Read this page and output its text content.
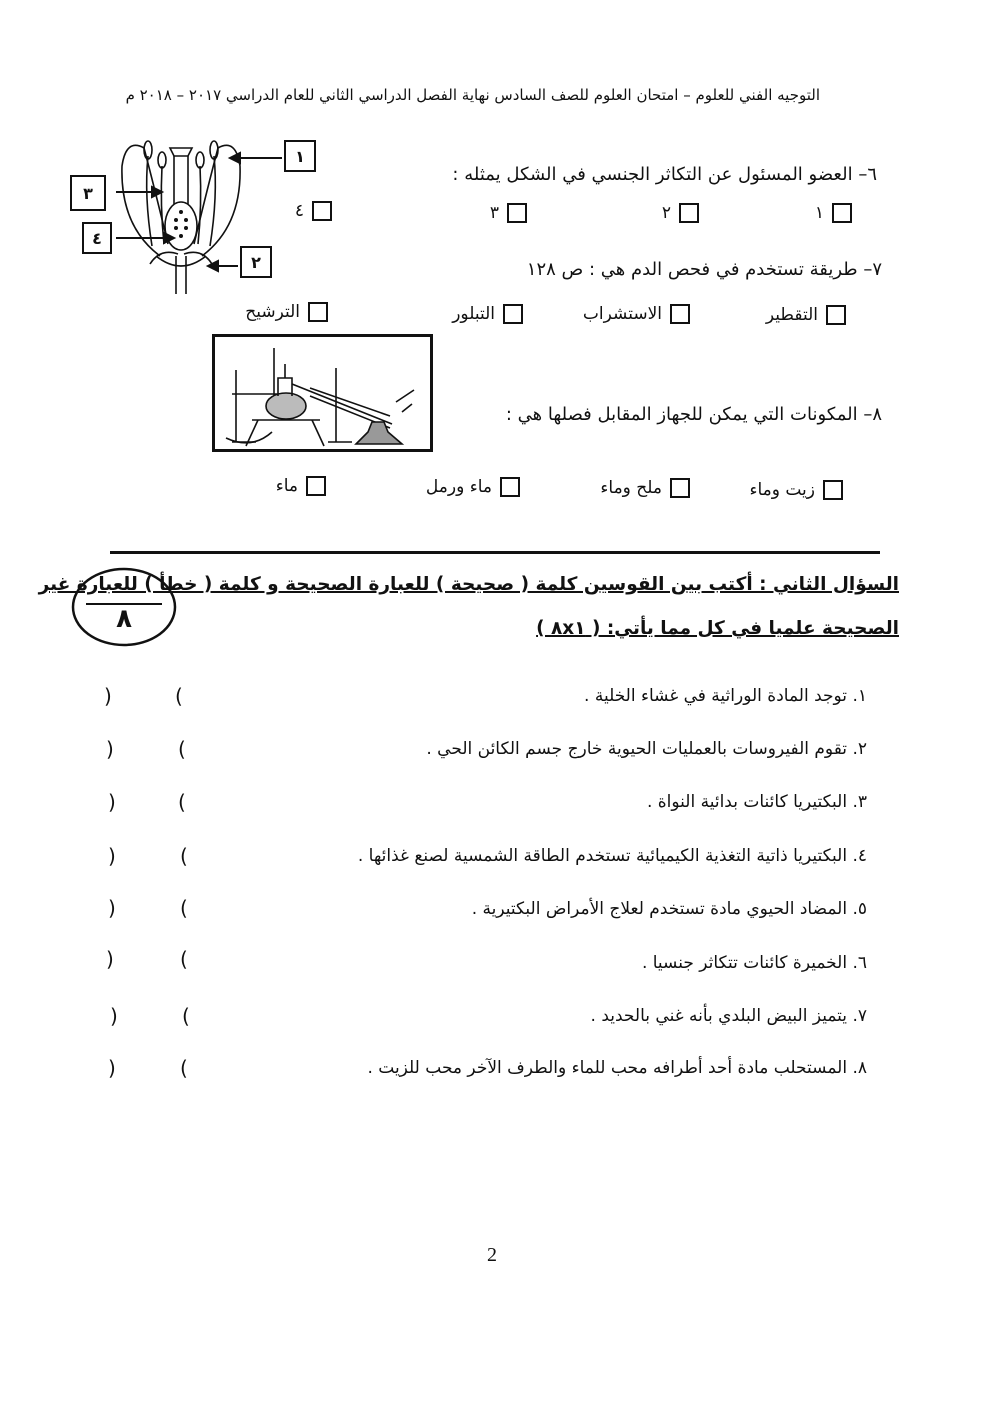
التوجيه الفني للعلوم – امتحان العلوم للصف السادس نهاية الفصل الدراسي الثاني للعام الدراسي ٢٠١٧ – ٢٠١٨ م
١
٢
٣
٤
٦– العضو المسئول عن التكاثر الجنسي في الشكل يمثله :
١
٢
٣
٤
٧– طريقة تستخدم في فحص الدم هي : ص ١٢٨
التقطير
الاستشراب
التبلور
الترشيح
٨– المكونات التي يمكن للجهاز المقابل فصلها هي :
زيت وماء
ملح وماء
ماء ورمل
ماء
٨
السؤال الثاني : أكتب بين القوسين كلمة ( صحيحة ) للعبارة الصحيحة و كلمة ( خطأ ) للعبارة غير
الصحيحة علميا في كل مما يأتي: ( ٨x١ )
١. توجد المادة الوراثية في غشاء الخلية .
(
)
٢. تقوم الفيروسات بالعمليات الحيوية خارج جسم الكائن الحي .
(
)
٣. البكتيريا كائنات بدائية النواة .
(
)
٤. البكتيريا ذاتية التغذية الكيميائية تستخدم الطاقة الشمسية لصنع غذائها .
(
)
٥. المضاد الحيوي مادة تستخدم لعلاج الأمراض البكتيرية .
(
)
٦. الخميرة كائنات تتكاثر جنسيا .
(
)
٧. يتميز البيض البلدي بأنه غني بالحديد .
(
)
٨. المستحلب مادة أحد أطرافه محب للماء والطرف الآخر محب للزيت .
(
)
2
